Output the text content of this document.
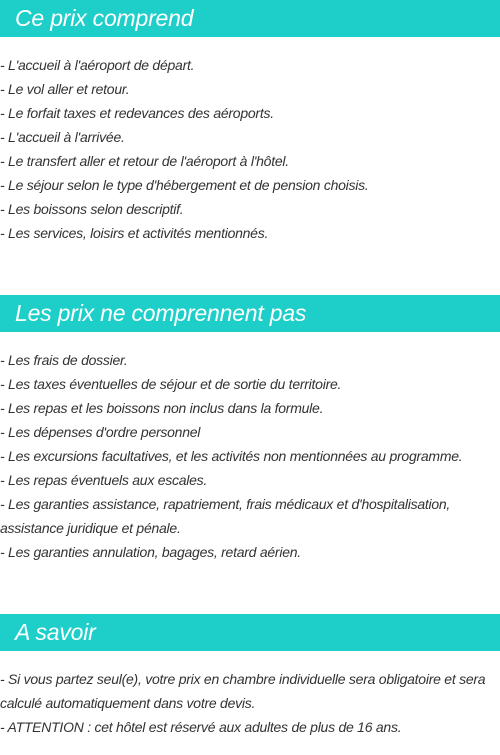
Ce prix comprend
- L'accueil à l'aéroport de départ.
- Le vol aller et retour.
- Le forfait taxes et redevances des aéroports.
- L'accueil à l'arrivée.
- Le transfert aller et retour de l'aéroport à l'hôtel.
- Le séjour selon le type d'hébergement et de pension choisis.
- Les boissons selon descriptif.
- Les services, loisirs et activités mentionnés.
Les prix ne comprennent pas
- Les frais de dossier.
- Les taxes éventuelles de séjour et de sortie du territoire.
- Les repas et les boissons non inclus dans la formule.
- Les dépenses d'ordre personnel
- Les excursions facultatives, et les activités non mentionnées au programme.
- Les repas éventuels aux escales.
- Les garanties assistance, rapatriement, frais médicaux et d'hospitalisation, assistance juridique et pénale.
- Les garanties annulation, bagages, retard aérien.
A savoir
- Si vous partez seul(e), votre prix en chambre individuelle sera obligatoire et sera calculé automatiquement dans votre devis.
- ATTENTION : cet hôtel est réservé aux adultes de plus de 16 ans.
